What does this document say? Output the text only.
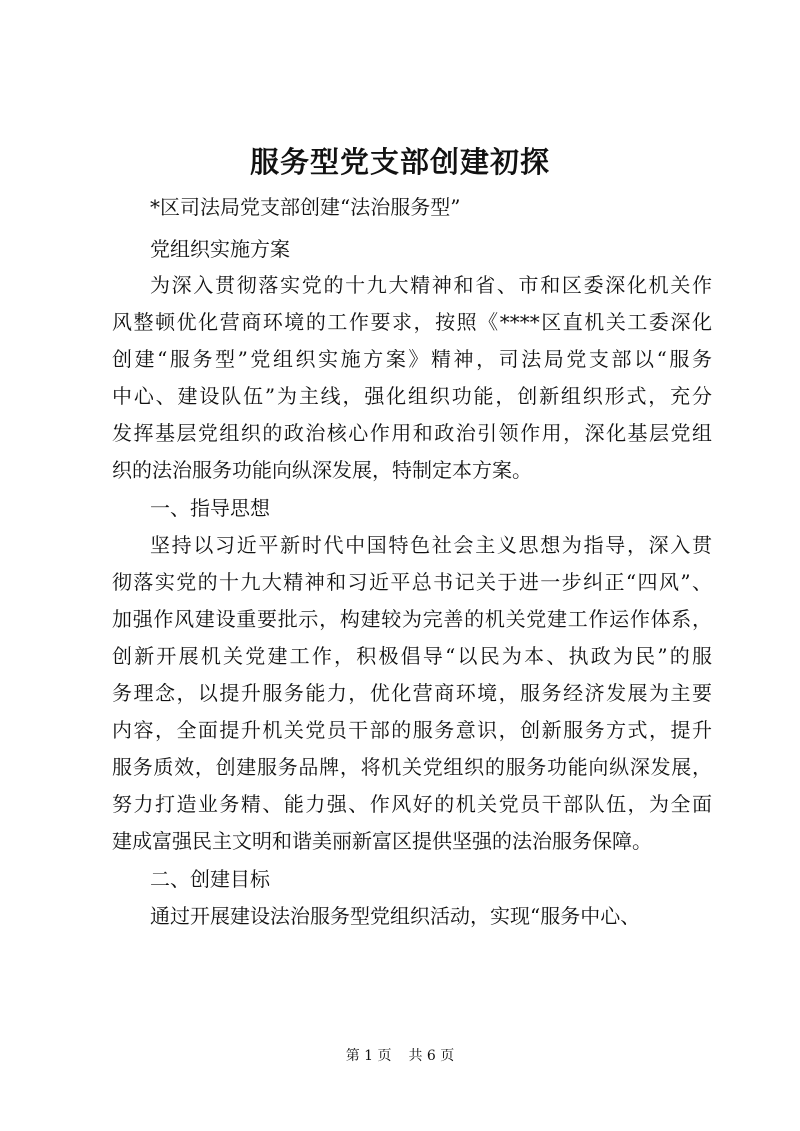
服务型党支部创建初探
*区司法局党支部创建“法治服务型”
党组织实施方案
为深入贯彻落实党的十九大精神和省、市和区委深化机关作
风整顿优化营商环境的工作要求，按照《****区直机关工委深化
创建“服务型”党组织实施方案》精神，司法局党支部以“服务
中心、建设队伍”为主线，强化组织功能，创新组织形式，充分
发挥基层党组织的政治核心作用和政治引领作用，深化基层党组
织的法治服务功能向纵深发展，特制定本方案。
一、指导思想
坚持以习近平新时代中国特色社会主义思想为指导，深入贯
彻落实党的十九大精神和习近平总书记关于进一步纠正“四风”、
加强作风建设重要批示，构建较为完善的机关党建工作运作体系，
创新开展机关党建工作，积极倡导“以民为本、执政为民”的服
务理念，以提升服务能力，优化营商环境，服务经济发展为主要
内容，全面提升机关党员干部的服务意识，创新服务方式，提升
服务质效，创建服务品牌，将机关党组织的服务功能向纵深发展，
努力打造业务精、能力强、作风好的机关党员干部队伍，为全面
建成富强民主文明和谐美丽新富区提供坚强的法治服务保障。
二、创建目标
通过开展建设法治服务型党组织活动，实现“服务中心、
第 1 页 共 6 页
